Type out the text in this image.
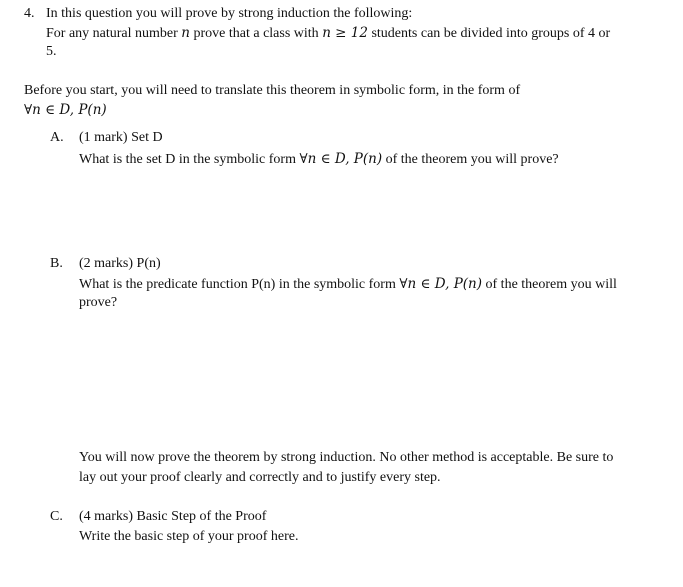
4. In this question you will prove by strong induction the following:
For any natural number n prove that a class with n ≥ 12 students can be divided into groups of 4 or
5.
Before you start, you will need to translate this theorem in symbolic form, in the form of
∀n ∈ D, P(n)
A. (1 mark) Set D
What is the set D in the symbolic form ∀n ∈ D, P(n) of the theorem you will prove?
B. (2 marks) P(n)
What is the predicate function P(n) in the symbolic form ∀n ∈ D, P(n) of the theorem you will
prove?
You will now prove the theorem by strong induction. No other method is acceptable. Be sure to
lay out your proof clearly and correctly and to justify every step.
C. (4 marks) Basic Step of the Proof
Write the basic step of your proof here.
